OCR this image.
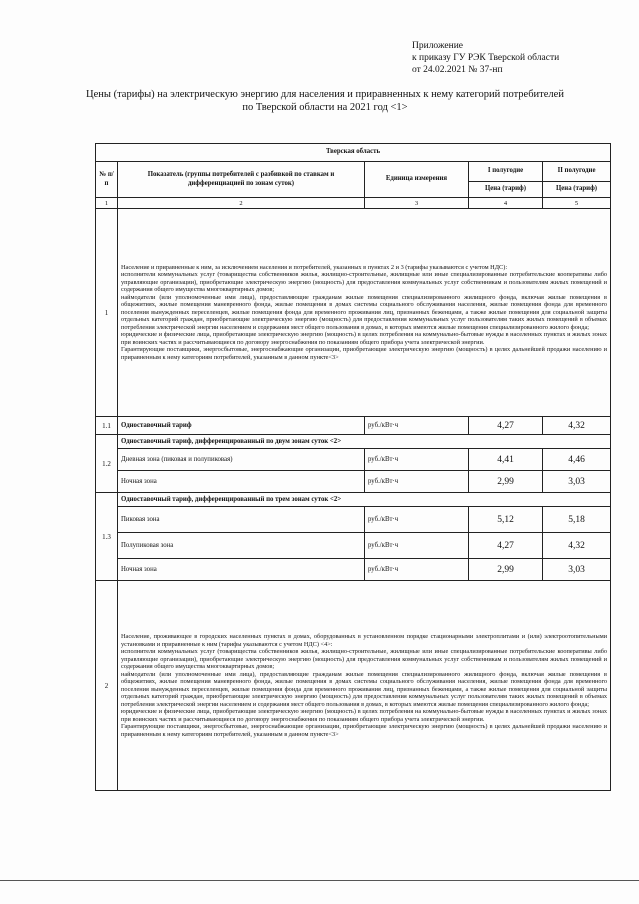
Приложение
к приказу ГУ РЭК Тверской области
от 24.02.2021 № 37-нп
Цены (тарифы) на электрическую энергию для населения и приравненных к нему категорий потребителей по Тверской области на 2021 год <1>
Тверская область				
№ п/п	Показатель (группы потребителей с разбивкой по ставкам и дифференциацией по зонам суток)	Единица измерения	I полугодие	II полугодие
			Цена (тариф)	Цена (тариф)
1	2	3	4	5
1	Население и приравненные к ним, за исключением населения и потребителей, указанных в пунктах 2 и 3 (тарифы указываются с учетом НДС):
исполнители коммунальных услуг (товарищества собственников жилья, жилищно-строительные, жилищные или иные специализированные потребительские кооперативы либо управляющие организации), приобретающие электрическую энергию (мощность) для предоставления коммунальных услуг собственникам и пользователям жилых помещений и содержания общего имущества многоквартирных домов;
наймодатели (или уполномоченные ими лица), предоставляющие гражданам жилые помещения специализированного жилищного фонда, включая жилые помещения в общежитиях, жилые помещения маневренного фонда, жилые помещения в домах системы социального обслуживания населения, жилые помещения фонда для временного поселения вынужденных переселенцев, жилые помещения фонда для временного проживания лиц, признанных беженцами, а также жилые помещения для социальной защиты отдельных категорий граждан, приобретающие электрическую энергию (мощность) для предоставления коммунальных услуг пользователям таких жилых помещений в объемах потребления электрической энергии населением и содержания мест общего пользования в домах, в которых имеются жилые помещения специализированного жилого фонда;
юридические и физические лица, приобретающие электрическую энергию (мощность) в целях потребления на коммунально-бытовые нужды в населенных пунктах и жилых зонах при воинских частях и рассчитывающиеся по договору энергоснабжения по показаниям общего прибора учета электрической энергии.
Гарантирующие поставщики, энергосбытовые, энергоснабжающие организации, приобретающие электрическую энергию (мощность) в целях дальнейшей продажи населению и приравненным к нему категориям потребителей, указанным в данном пункте<3>			

1.1	Одноставочный тариф	руб./кВт·ч	4,27	4,32
1.2	Одноставочный тариф, дифференцированный по двум зонам суток <2>			
	Дневная зона (пиковая и полупиковая)	руб./кВт·ч	4,41	4,46
	Ночная зона	руб./кВт·ч	2,99	3,03
1.3	Одноставочный тариф, дифференцированный по трем зонам суток <2>			
	Пиковая зона	руб./кВт·ч	5,12	5,18
	Полупиковая зона	руб./кВт·ч	4,27	4,32
	Ночная зона	руб./кВт·ч	2,99	3,03
2	Население, проживающее в городских населенных пунктах в домах, оборудованных в установленном порядке стационарными электроплитами и (или) электроотопительными установками и приравненные к ним (тарифы указываются с учетом НДС) <4>:
исполнители коммунальных услуг (товарищества собственников жилья, жилищно-строительные, жилищные или иные специализированные потребительские кооперативы либо управляющие организации), приобретающие электрическую энергию (мощность) для предоставления коммунальных услуг собственникам и пользователям жилых помещений и содержания общего имущества многоквартирных домов;
наймодатели (или уполномоченные ими лица), предоставляющие гражданам жилые помещения специализированного жилищного фонда, включая жилые помещения в общежитиях, жилые помещения маневренного фонда, жилые помещения в домах системы социального обслуживания населения, жилые помещения фонда для временного поселения вынужденных переселенцев, жилые помещения фонда для временного проживания лиц, признанных беженцами, а также жилые помещения для социальной защиты отдельных категорий граждан, приобретающие электрическую энергию (мощность) для предоставления коммунальных услуг пользователям таких жилых помещений в объемах потребления электрической энергии населением и содержания мест общего пользования в домах, в которых имеются жилые помещения специализированного жилого фонда;
юридические и физические лица, приобретающие электрическую энергию (мощность) в целях потребления на коммунально-бытовые нужды в населенных пунктах и жилых зонах при воинских частях и рассчитывающиеся по договору энергоснабжения по показаниям общего прибора учета электрической энергии.
Гарантирующие поставщики, энергосбытовые, энергоснабжающие организации, приобретающие электрическую энергию (мощность) в целях дальнейшей продажи населению и приравненным к нему категориям потребителей, указанным в данном пункте<3>			
